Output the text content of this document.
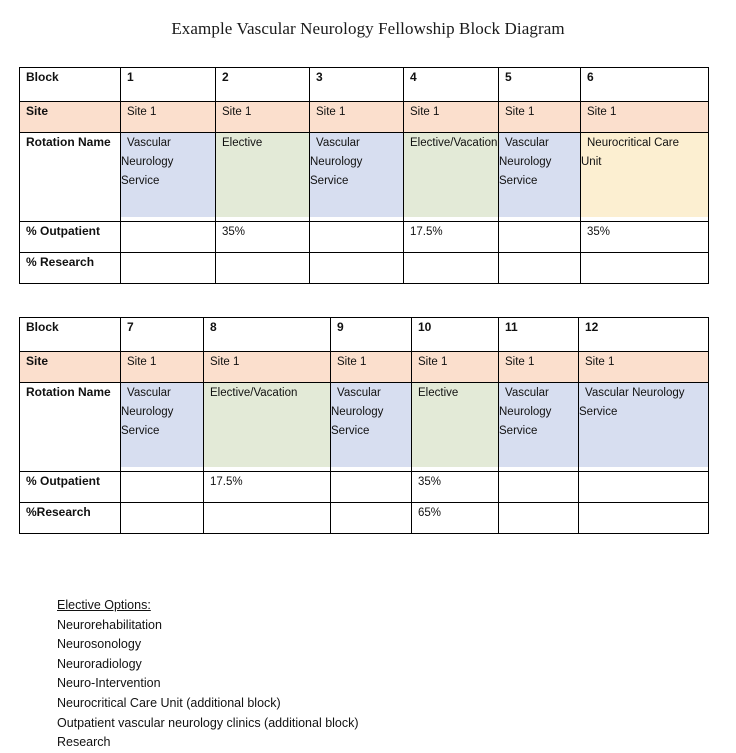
Example Vascular Neurology Fellowship Block Diagram
Block	1	2	3	4	5	6
Site	Site 1	Site 1	Site 1	Site 1	Site 1	Site 1
Rotation Name	Vascular Neurology Service	Elective	Vascular Neurology Service	Elective/Vacation	Vascular Neurology Service	Neurocritical Care Unit
% Outpatient		35%		17.5%		35%
% Research						
Block	7	8	9	10	11	12
Site	Site 1	Site 1	Site 1	Site 1	Site 1	Site 1
Rotation Name	Vascular Neurology Service	Elective/Vacation	Vascular Neurology Service	Elective	Vascular Neurology Service	Vascular Neurology Service
% Outpatient		17.5%		35%		
%Research				65%		
Elective Options:
Neurorehabilitation
Neurosonology
Neuroradiology
Neuro-Intervention
Neurocritical Care Unit (additional block)
Outpatient vascular neurology clinics (additional block)
Research
